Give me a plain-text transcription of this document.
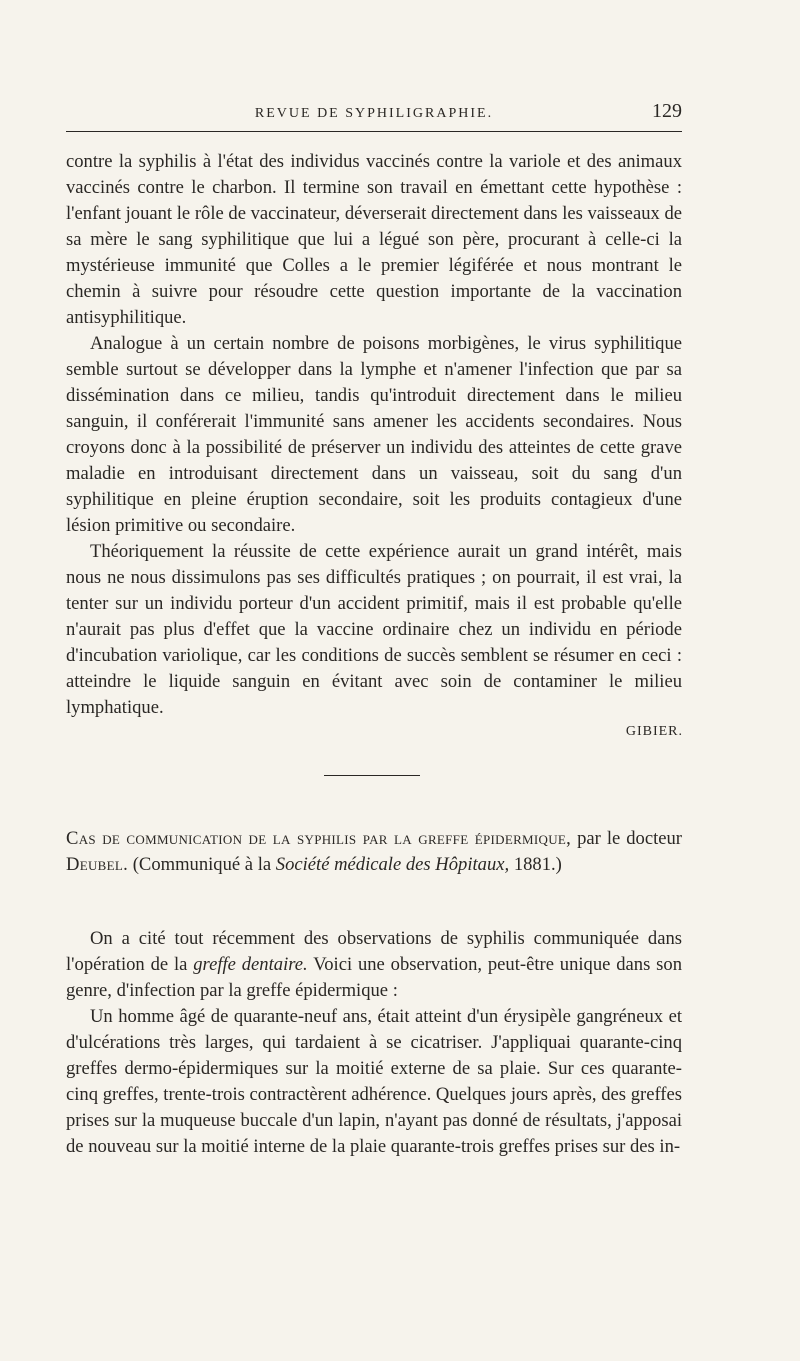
REVUE DE SYPHILIGRAPHIE.	129

contre la syphilis à l'état des individus vaccinés contre la variole et des animaux vaccinés contre le charbon. Il termine son travail en émettant cette hypothèse : l'enfant jouant le rôle de vaccinateur, déverserait directement dans les vaisseaux de sa mère le sang syphilitique que lui a légué son père, procurant à celle-ci la mystérieuse immunité que Colles a le premier légiférée et nous montrant le chemin à suivre pour résoudre cette question importante de la vaccination antisyphilitique.

Analogue à un certain nombre de poisons morbigènes, le virus syphilitique semble surtout se développer dans la lymphe et n'amener l'infection que par sa dissémination dans ce milieu, tandis qu'introduit directement dans le milieu sanguin, il conférerait l'immunité sans amener les accidents secondaires. Nous croyons donc à la possibilité de préserver un individu des atteintes de cette grave maladie en introduisant directement dans un vaisseau, soit du sang d'un syphilitique en pleine éruption secondaire, soit les produits contagieux d'une lésion primitive ou secondaire.

Théoriquement la réussite de cette expérience aurait un grand intérêt, mais nous ne nous dissimulons pas ses difficultés pratiques ; on pourrait, il est vrai, la tenter sur un individu porteur d'un accident primitif, mais il est probable qu'elle n'aurait pas plus d'effet que la vaccine ordinaire chez un individu en période d'incubation variolique, car les conditions de succès semblent se résumer en ceci : atteindre le liquide sanguin en évitant avec soin de contaminer le milieu lymphatique.

GIBIER.
Cas de communication de la syphilis par la greffe épidermique, par le docteur Deubel. (Communiqué à la Société médicale des Hôpitaux, 1881.)

On a cité tout récemment des observations de syphilis communiquée dans l'opération de la greffe dentaire. Voici une observation, peut-être unique dans son genre, d'infection par la greffe épidermique :

Un homme âgé de quarante-neuf ans, était atteint d'un érysipèle gangréneux et d'ulcérations très larges, qui tardaient à se cicatriser. J'appliquai quarante-cinq greffes dermo-épidermiques sur la moitié externe de sa plaie. Sur ces quarante-cinq greffes, trente-trois contractèrent adhérence. Quelques jours après, des greffes prises sur la muqueuse buccale d'un lapin, n'ayant pas donné de résultats, j'apposai de nouveau sur la moitié interne de la plaie quarante-trois greffes prises sur des in-
